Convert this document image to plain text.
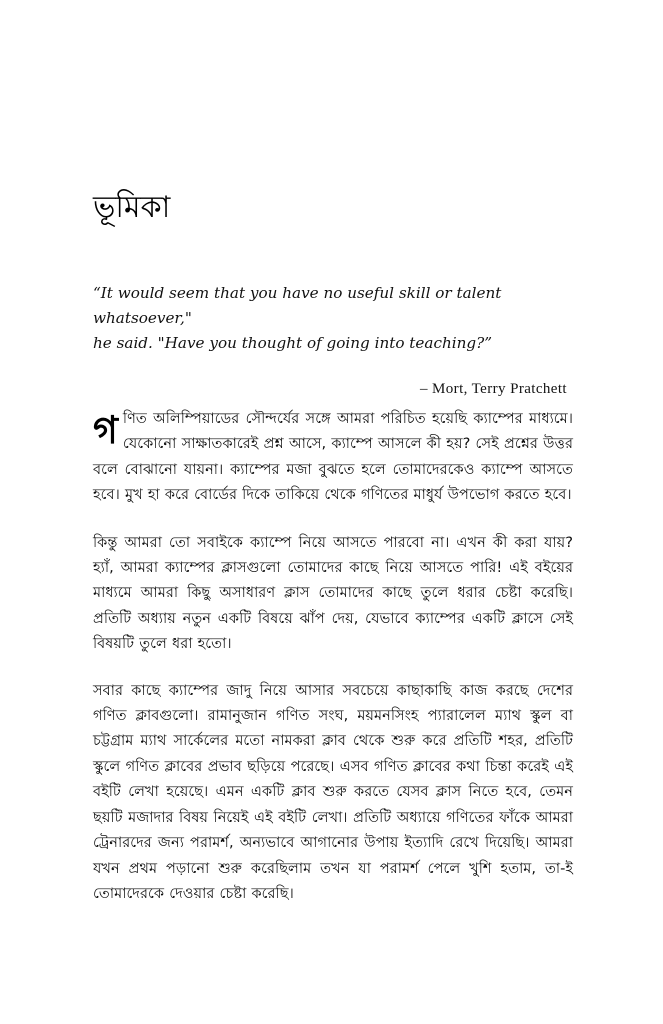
ভূমিকা

“It would seem that you have no useful skill or talent whatsoever,"
he said. "Have you thought of going into teaching?”

– Mort, Terry Pratchett

গণিত অলিম্পিয়াডের সৌন্দর্যের সঙ্গে আমরা পরিচিত হয়েছি ক্যাম্পের মাধ্যমে। যেকোনো সাক্ষাতকারেই প্রশ্ন আসে, ক্যাম্পে আসলে কী হয়? সেই প্রশ্নের উত্তর বলে বোঝানো যায়না। ক্যাম্পের মজা বুঝতে হলে তোমাদেরকেও ক্যাম্পে আসতে হবে। মুখ হা করে বোর্ডের দিকে তাকিয়ে থেকে গণিতের মাধুর্য উপভোগ করতে হবে।

কিন্তু আমরা তো সবাইকে ক্যাম্পে নিয়ে আসতে পারবো না। এখন কী করা যায়? হ্যাঁ, আমরা ক্যাম্পের ক্লাসগুলো তোমাদের কাছে নিয়ে আসতে পারি! এই বইয়ের মাধ্যমে আমরা কিছু অসাধারণ ক্লাস তোমাদের কাছে তুলে ধরার চেষ্টা করেছি। প্রতিটি অধ্যায় নতুন একটি বিষয়ে ঝাঁপ দেয়, যেভাবে ক্যাম্পের একটি ক্লাসে সেই বিষয়টি তুলে ধরা হতো।

সবার কাছে ক্যাম্পের জাদু নিয়ে আসার সবচেয়ে কাছাকাছি কাজ করছে দেশের গণিত ক্লাবগুলো। রামানুজান গণিত সংঘ, ময়মনসিংহ প্যারালেল ম্যাথ স্কুল বা চট্টগ্রাম ম্যাথ সার্কেলের মতো নামকরা ক্লাব থেকে শুরু করে প্রতিটি শহর, প্রতিটি স্কুলে গণিত ক্লাবের প্রভাব ছড়িয়ে পরেছে। এসব গণিত ক্লাবের কথা চিন্তা করেই এই বইটি লেখা হয়েছে। এমন একটি ক্লাব শুরু করতে যেসব ক্লাস নিতে হবে, তেমন ছয়টি মজাদার বিষয় নিয়েই এই বইটি লেখা। প্রতিটি অধ্যায়ে গণিতের ফাঁকে আমরা ট্রেনারদের জন্য পরামর্শ, অন্যভাবে আগানোর উপায় ইত্যাদি রেখে দিয়েছি। আমরা যখন প্রথম পড়ানো শুরু করেছিলাম তখন যা পরামর্শ পেলে খুশি হতাম, তা-ই তোমাদেরকে দেওয়ার চেষ্টা করেছি।
